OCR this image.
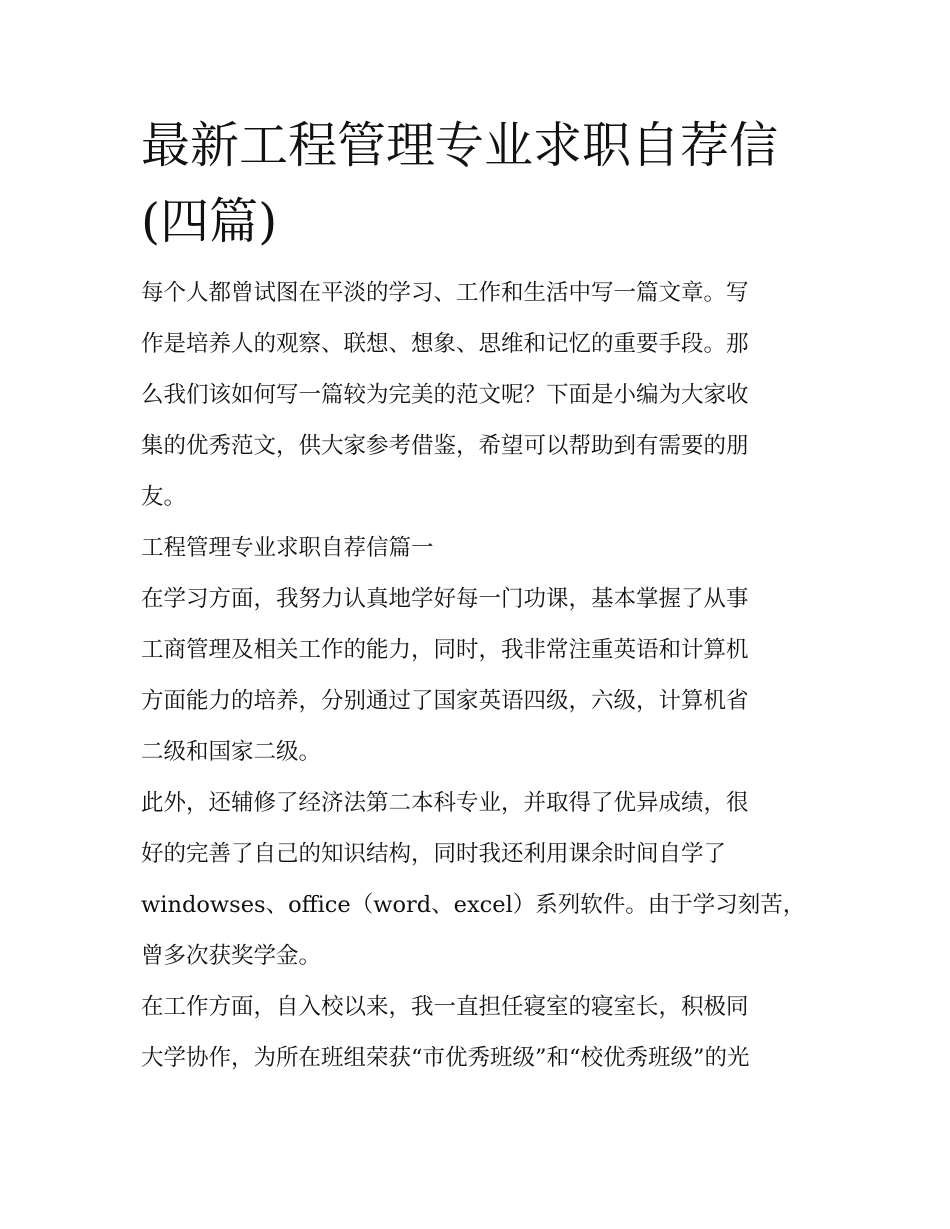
最新工程管理专业求职自荐信
(四篇)

每个人都曾试图在平淡的学习、工作和生活中写一篇文章。写
作是培养人的观察、联想、想象、思维和记忆的重要手段。那
么我们该如何写一篇较为完美的范文呢？下面是小编为大家收
集的优秀范文，供大家参考借鉴，希望可以帮助到有需要的朋
友。

工程管理专业求职自荐信篇一

在学习方面，我努力认真地学好每一门功课，基本掌握了从事
工商管理及相关工作的能力，同时，我非常注重英语和计算机
方面能力的培养，分别通过了国家英语四级，六级，计算机省
二级和国家二级。

此外，还辅修了经济法第二本科专业，并取得了优异成绩，很
好的完善了自己的知识结构，同时我还利用课余时间自学了
windowses、office（word、excel）系列软件。由于学习刻苦，
曾多次获奖学金。

在工作方面，自入校以来，我一直担任寝室的寝室长，积极同
大学协作，为所在班组荣获“市优秀班级”和“校优秀班级”的光
